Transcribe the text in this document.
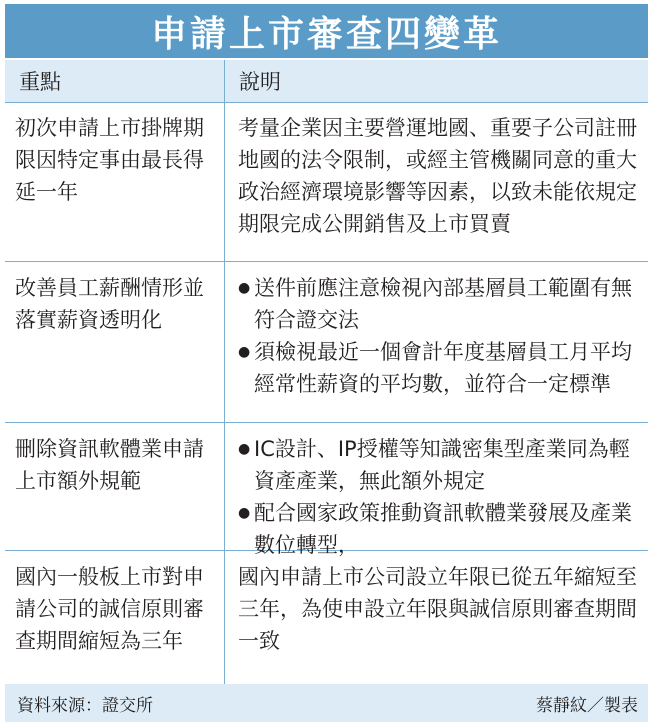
申請上市審查四變革
重點	說明
初次申請上市掛牌期限因特定事由最長得延一年
考量企業因主要營運地國、重要子公司註冊地國的法令限制，或經主管機關同意的重大政治經濟環境影響等因素，以致未能依規定期限完成公開銷售及上市買賣
改善員工薪酬情形並落實薪資透明化
● 送件前應注意檢視內部基層員工範圍有無符合證交法
● 須檢視最近一個會計年度基層員工月平均經常性薪資的平均數，並符合一定標準
刪除資訊軟體業申請上市額外規範
● IC設計、IP授權等知識密集型產業同為輕資產產業，無此額外規定
● 配合國家政策推動資訊軟體業發展及產業數位轉型，
國內一般板上市對申請公司的誠信原則審查期間縮短為三年
國內申請上市公司設立年限已從五年縮短至三年，為使申設立年限與誠信原則審查期間一致
資料來源：證交所	蔡靜紋／製表
